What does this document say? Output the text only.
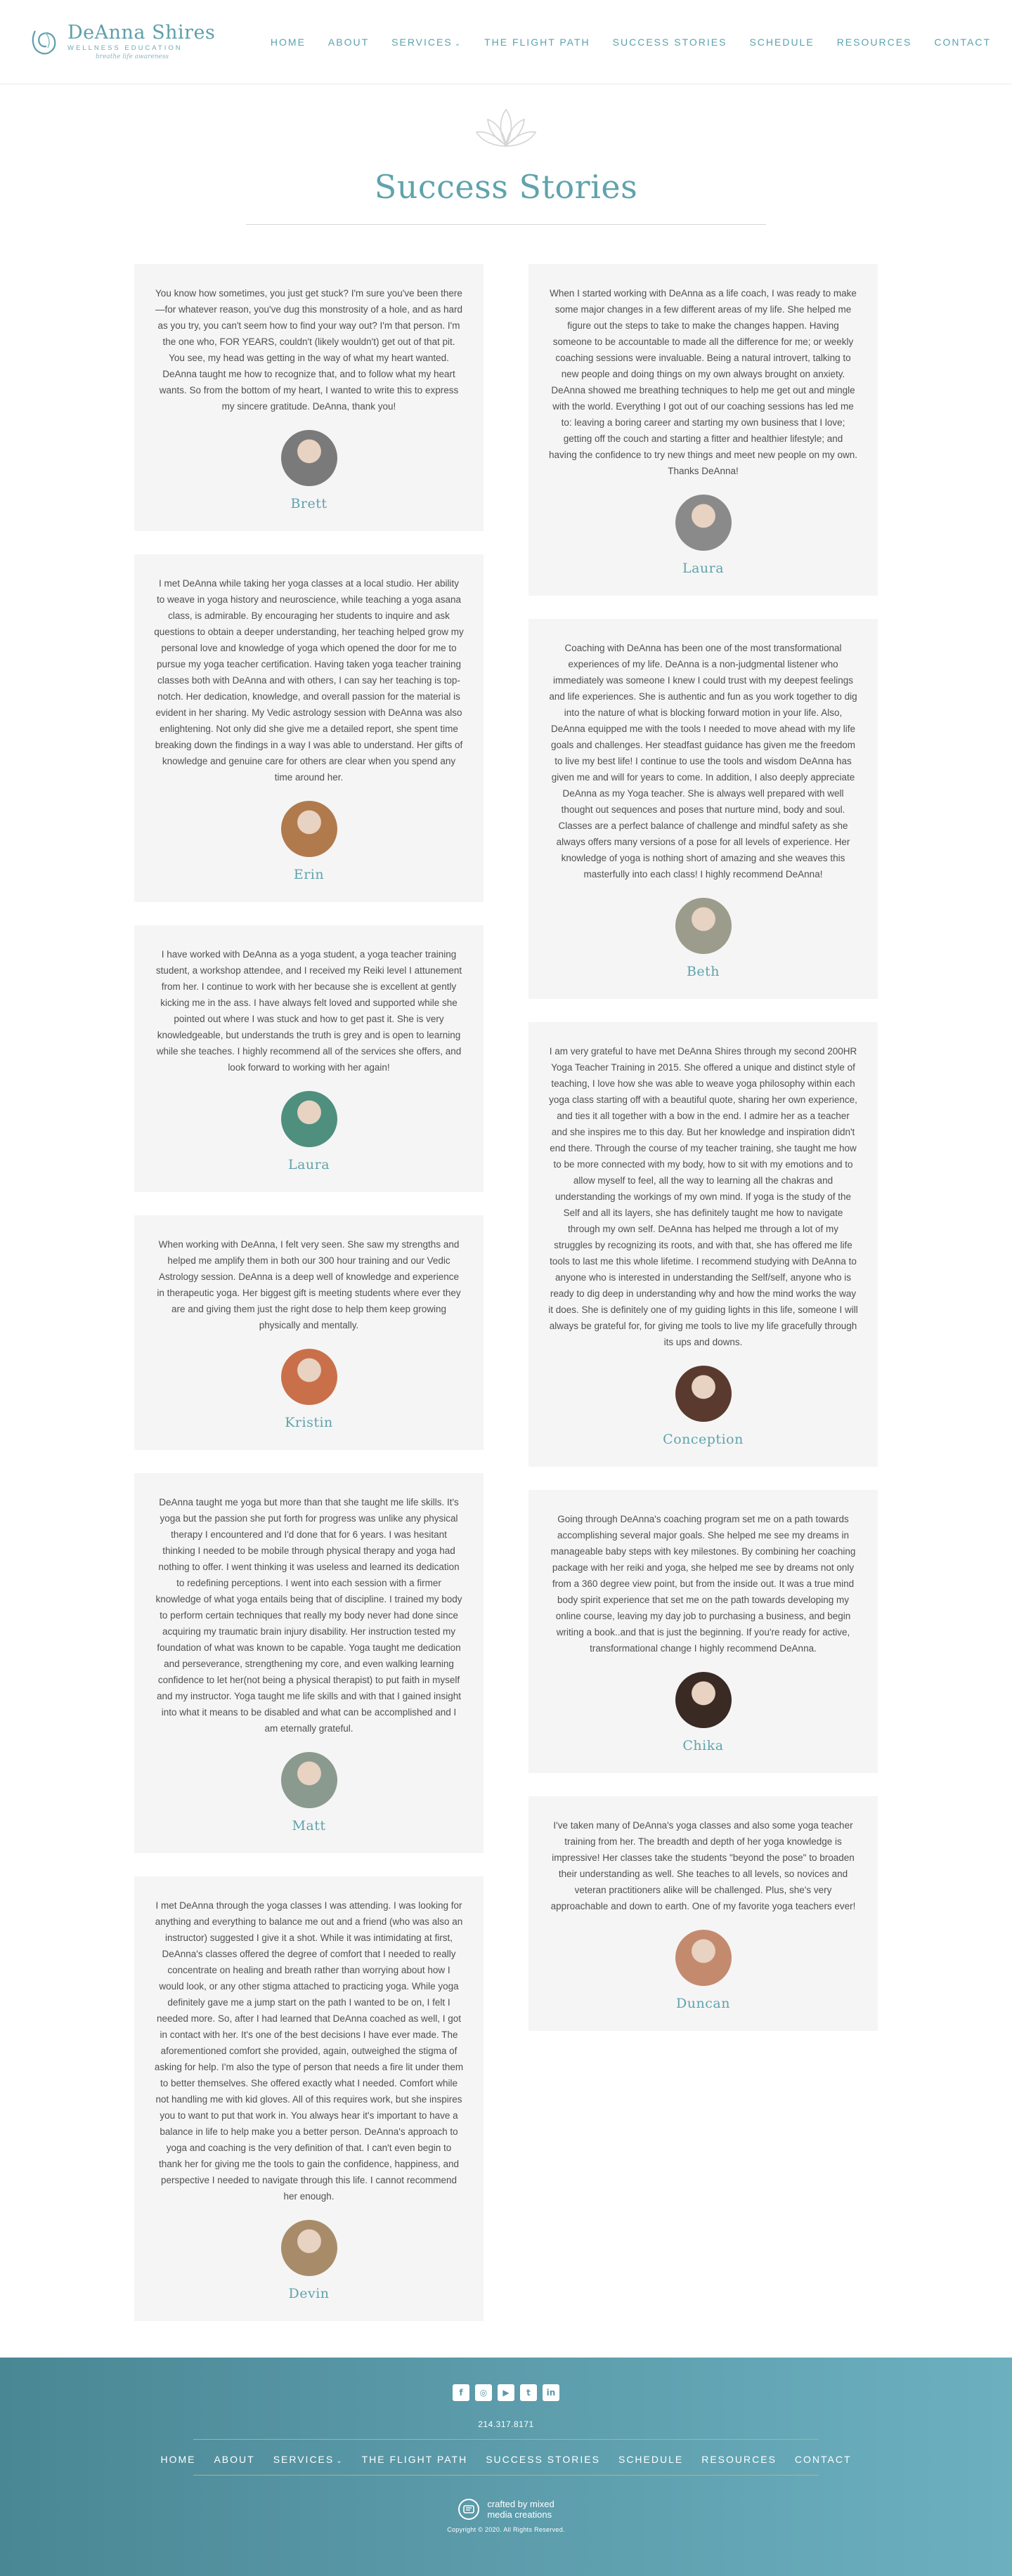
DeAnna Shires
WELLNESS EDUCATION
breathe life awareness
HOME ABOUT SERVICES ⌄ THE FLIGHT PATH SUCCESS STORIES SCHEDULE RESOURCES CONTACT
Success Stories

You know how sometimes, you just get stuck? I'm sure you've been there—for whatever reason, you've dug this monstrosity of a hole, and as hard as you try, you can't seem how to find your way out? I'm that person. I'm the one who, FOR YEARS, couldn't (likely wouldn't) get out of that pit. You see, my head was getting in the way of what my heart wanted. DeAnna taught me how to recognize that, and to follow what my heart wants. So from the bottom of my heart, I wanted to write this to express my sincere gratitude. DeAnna, thank you!

Brett

I met DeAnna while taking her yoga classes at a local studio. Her ability to weave in yoga history and neuroscience, while teaching a yoga asana class, is admirable. By encouraging her students to inquire and ask questions to obtain a deeper understanding, her teaching helped grow my personal love and knowledge of yoga which opened the door for me to pursue my yoga teacher certification. Having taken yoga teacher training classes both with DeAnna and with others, I can say her teaching is top-notch. Her dedication, knowledge, and overall passion for the material is evident in her sharing. My Vedic astrology session with DeAnna was also enlightening. Not only did she give me a detailed report, she spent time breaking down the findings in a way I was able to understand. Her gifts of knowledge and genuine care for others are clear when you spend any time around her.

Erin

I have worked with DeAnna as a yoga student, a yoga teacher training student, a workshop attendee, and I received my Reiki level I attunement from her. I continue to work with her because she is excellent at gently kicking me in the ass. I have always felt loved and supported while she pointed out where I was stuck and how to get past it. She is very knowledgeable, but understands the truth is grey and is open to learning while she teaches. I highly recommend all of the services she offers, and look forward to working with her again!

Laura

When working with DeAnna, I felt very seen. She saw my strengths and helped me amplify them in both our 300 hour training and our Vedic Astrology session. DeAnna is a deep well of knowledge and experience in therapeutic yoga. Her biggest gift is meeting students where ever they are and giving them just the right dose to help them keep growing physically and mentally.

Kristin

DeAnna taught me yoga but more than that she taught me life skills. It's yoga but the passion she put forth for progress was unlike any physical therapy I encountered and I'd done that for 6 years. I was hesitant thinking I needed to be mobile through physical therapy and yoga had nothing to offer. I went thinking it was useless and learned its dedication to redefining perceptions. I went into each session with a firmer knowledge of what yoga entails being that of discipline. I trained my body to perform certain techniques that really my body never had done since acquiring my traumatic brain injury disability. Her instruction tested my foundation of what was known to be capable. Yoga taught me dedication and perseverance, strengthening my core, and even walking learning confidence to let her(not being a physical therapist) to put faith in myself and my instructor. Yoga taught me life skills and with that I gained insight into what it means to be disabled and what can be accomplished and I am eternally grateful.

Matt

I met DeAnna through the yoga classes I was attending. I was looking for anything and everything to balance me out and a friend (who was also an instructor) suggested I give it a shot. While it was intimidating at first, DeAnna's classes offered the degree of comfort that I needed to really concentrate on healing and breath rather than worrying about how I would look, or any other stigma attached to practicing yoga. While yoga definitely gave me a jump start on the path I wanted to be on, I felt I needed more. So, after I had learned that DeAnna coached as well, I got in contact with her. It's one of the best decisions I have ever made. The aforementioned comfort she provided, again, outweighed the stigma of asking for help. I'm also the type of person that needs a fire lit under them to better themselves. She offered exactly what I needed. Comfort while not handling me with kid gloves. All of this requires work, but she inspires you to want to put that work in. You always hear it's important to have a balance in life to help make you a better person. DeAnna's approach to yoga and coaching is the very definition of that. I can't even begin to thank her for giving me the tools to gain the confidence, happiness, and perspective I needed to navigate through this life. I cannot recommend her enough.

Devin

When I started working with DeAnna as a life coach, I was ready to make some major changes in a few different areas of my life. She helped me figure out the steps to take to make the changes happen. Having someone to be accountable to made all the difference for me; or weekly coaching sessions were invaluable. Being a natural introvert, talking to new people and doing things on my own always brought on anxiety. DeAnna showed me breathing techniques to help me get out and mingle with the world. Everything I got out of our coaching sessions has led me to: leaving a boring career and starting my own business that I love; getting off the couch and starting a fitter and healthier lifestyle; and having the confidence to try new things and meet new people on my own. Thanks DeAnna!

Laura

Coaching with DeAnna has been one of the most transformational experiences of my life. DeAnna is a non-judgmental listener who immediately was someone I knew I could trust with my deepest feelings and life experiences. She is authentic and fun as you work together to dig into the nature of what is blocking forward motion in your life. Also, DeAnna equipped me with the tools I needed to move ahead with my life goals and challenges. Her steadfast guidance has given me the freedom to live my best life! I continue to use the tools and wisdom DeAnna has given me and will for years to come. In addition, I also deeply appreciate DeAnna as my Yoga teacher. She is always well prepared with well thought out sequences and poses that nurture mind, body and soul. Classes are a perfect balance of challenge and mindful safety as she always offers many versions of a pose for all levels of experience. Her knowledge of yoga is nothing short of amazing and she weaves this masterfully into each class! I highly recommend DeAnna!

Beth

I am very grateful to have met DeAnna Shires through my second 200HR Yoga Teacher Training in 2015. She offered a unique and distinct style of teaching, I love how she was able to weave yoga philosophy within each yoga class starting off with a beautiful quote, sharing her own experience, and ties it all together with a bow in the end. I admire her as a teacher and she inspires me to this day. But her knowledge and inspiration didn't end there. Through the course of my teacher training, she taught me how to be more connected with my body, how to sit with my emotions and to allow myself to feel, all the way to learning all the chakras and understanding the workings of my own mind. If yoga is the study of the Self and all its layers, she has definitely taught me how to navigate through my own self. DeAnna has helped me through a lot of my struggles by recognizing its roots, and with that, she has offered me life tools to last me this whole lifetime. I recommend studying with DeAnna to anyone who is interested in understanding the Self/self, anyone who is ready to dig deep in understanding why and how the mind works the way it does. She is definitely one of my guiding lights in this life, someone I will always be grateful for, for giving me tools to live my life gracefully through its ups and downs.

Conception

Going through DeAnna's coaching program set me on a path towards accomplishing several major goals. She helped me see my dreams in manageable baby steps with key milestones. By combining her coaching package with her reiki and yoga, she helped me see by dreams not only from a 360 degree view point, but from the inside out. It was a true mind body spirit experience that set me on the path towards developing my online course, leaving my day job to purchasing a business, and begin writing a book..and that is just the beginning. If you're ready for active, transformational change I highly recommend DeAnna.

Chika

I've taken many of DeAnna's yoga classes and also some yoga teacher training from her. The breadth and depth of her yoga knowledge is impressive! Her classes take the students "beyond the pose" to broaden their understanding as well. She teaches to all levels, so novices and veteran practitioners alike will be challenged. Plus, she's very approachable and down to earth. One of my favorite yoga teachers ever!

Duncan
f	◎	▶	t	in
214.317.8171
HOME ABOUT SERVICES ⌄ THE FLIGHT PATH SUCCESS STORIES SCHEDULE RESOURCES CONTACT
crafted by mixed
media creations
Copyright © 2020. All Rights Reserved.
